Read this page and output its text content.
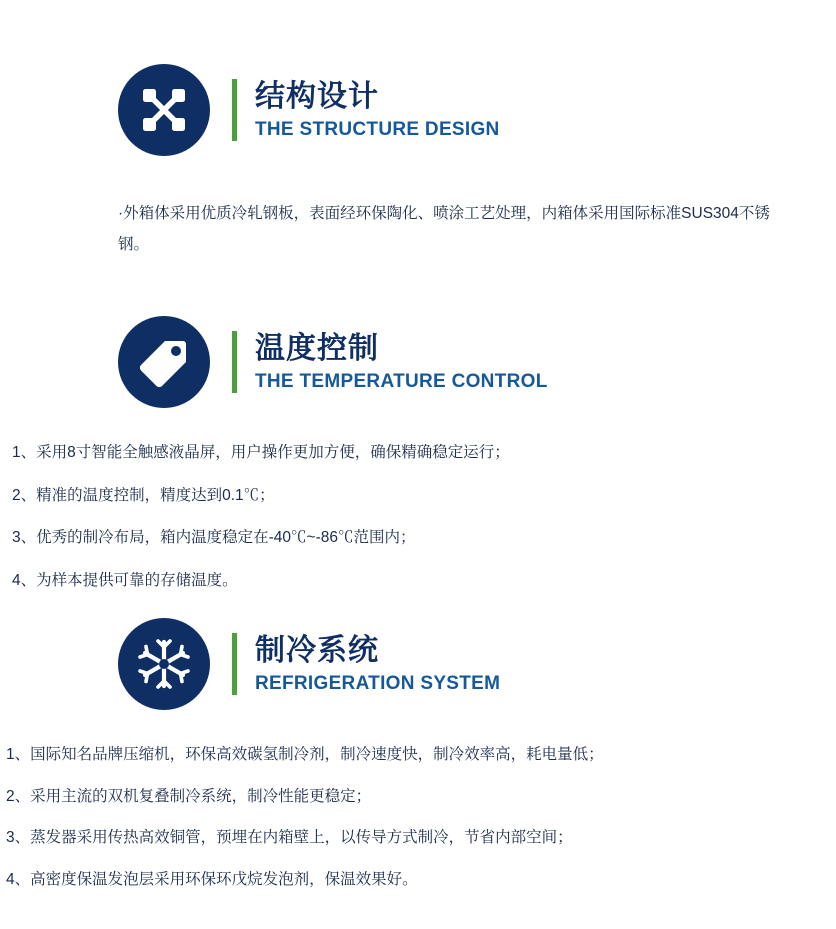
结构设计
THE STRUCTURE DESIGN

·外箱体采用优质冷轧钢板，表面经环保陶化、喷涂工艺处理，内箱体采用国际标准SUS304不锈钢。

温度控制
THE TEMPERATURE CONTROL
1、采用8寸智能全触感液晶屏，用户操作更加方便，确保精确稳定运行；
2、精准的温度控制，精度达到0.1℃；
3、优秀的制冷布局，箱内温度稳定在-40℃~-86℃范围内；
4、为样本提供可靠的存储温度。
制冷系统
REFRIGERATION SYSTEM
1、国际知名品牌压缩机，环保高效碳氢制冷剂，制冷速度快，制冷效率高，耗电量低；
2、采用主流的双机复叠制冷系统，制冷性能更稳定；
3、蒸发器采用传热高效铜管，预埋在内箱壁上，以传导方式制冷，节省内部空间；
4、高密度保温发泡层采用环保环戊烷发泡剂，保温效果好。
